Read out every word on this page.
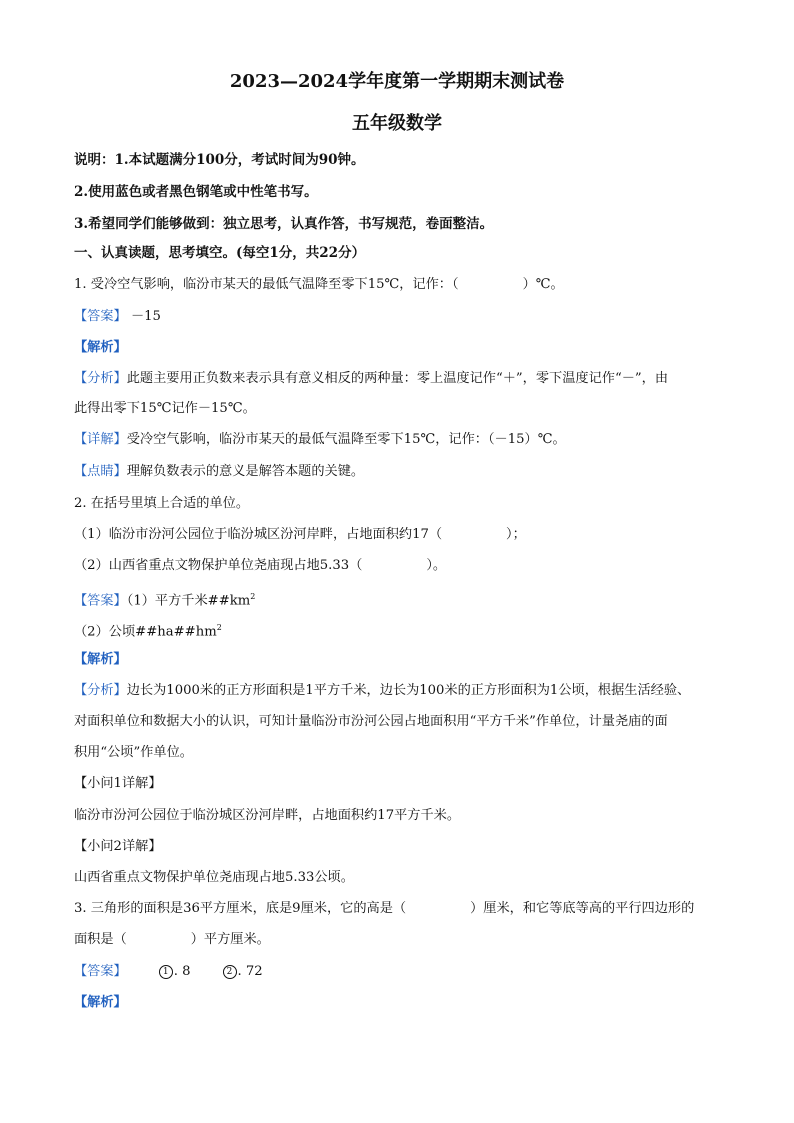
2023—2024学年度第一学期期末测试卷
五年级数学
说明：1.本试题满分100分，考试时间为90钟。
2.使用蓝色或者黑色钢笔或中性笔书写。
3.希望同学们能够做到：独立思考，认真作答，书写规范，卷面整洁。
一、认真读题，思考填空。(每空1分，共22分）
1. 受冷空气影响，临汾市某天的最低气温降至零下15℃，记作：（	）℃。
【答案】 －15
【解析】
【分析】此题主要用正负数来表示具有意义相反的两种量：零上温度记作“＋”，零下温度记作“－”，由
此得出零下15℃记作－15℃。
【详解】受冷空气影响，临汾市某天的最低气温降至零下15℃，记作：（－15）℃。
【点睛】理解负数表示的意义是解答本题的关键。
2. 在括号里填上合适的单位。
（1）临汾市汾河公园位于临汾城区汾河岸畔，占地面积约17（	）；
（2）山西省重点文物保护单位尧庙现占地5.33（	）。
【答案】（1）平方千米$\#\#km^2$
（2）公顷$\#\#ha\#\#hm^2$
【解析】
【分析】边长为1000米的正方形面积是1平方千米，边长为100米的正方形面积为1公顷，根据生活经验、
对面积单位和数据大小的认识，可知计量临汾市汾河公园占地面积用“平方千米”作单位，计量尧庙的面
积用“公顷”作单位。
【小问1详解】
临汾市汾河公园位于临汾城区汾河岸畔，占地面积约17平方千米。
【小问2详解】
山西省重点文物保护单位尧庙现占地5.33公顷。
3. 三角形的面积是36平方厘米，底是9厘米，它的高是（	）厘米，和它等底等高的平行四边形的
面积是（	）平方厘米。
【答案】	1 . 8	2 . 72
【解析】
